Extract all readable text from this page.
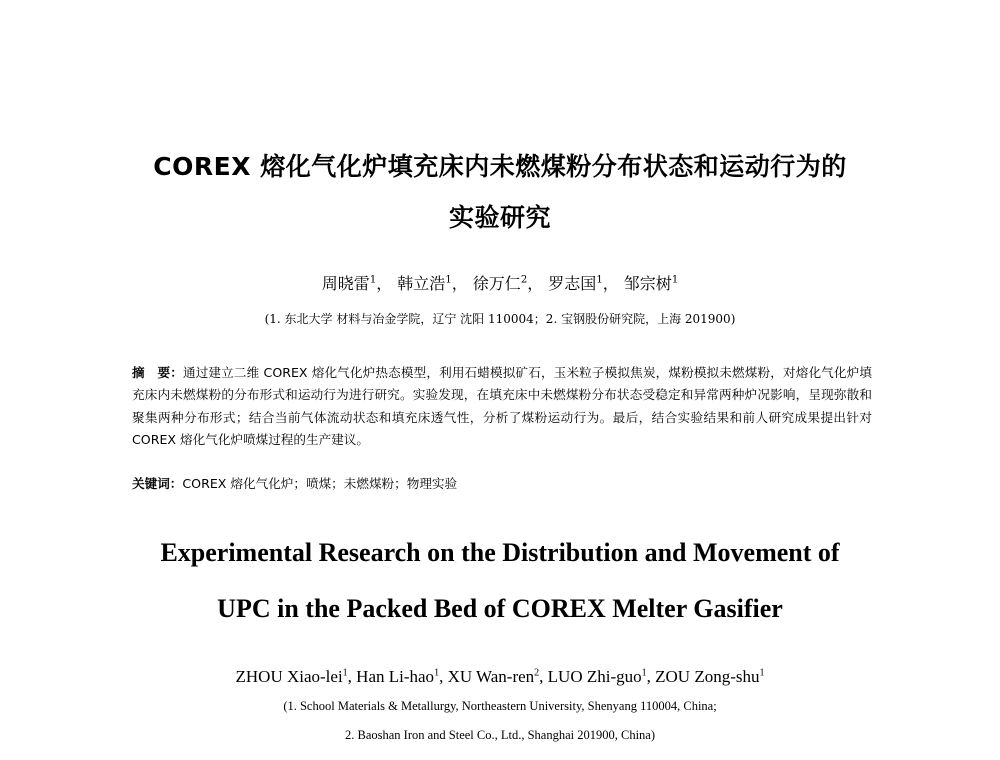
COREX 熔化气化炉填充床内未燃煤粉分布状态和运动行为的
实验研究
周晓雷$^1$， 韩立浩$^1$， 徐万仁$^2$， 罗志国$^1$， 邹宗树$^1$
(1. 东北大学 材料与冶金学院，辽宁 沈阳 110004；2. 宝钢股份研究院，上海 201900)
摘　要：通过建立二维 COREX 熔化气化炉热态模型，利用石蜡模拟矿石，玉米粒子模拟焦炭，煤粉模拟未燃煤粉，对熔化气化炉填充床内未燃煤粉的分布形式和运动行为进行研究。实验发现，在填充床中未燃煤粉分布状态受稳定和异常两种炉况影响，呈现弥散和聚集两种分布形式；结合当前气体流动状态和填充床透气性，分析了煤粉运动行为。最后，结合实验结果和前人研究成果提出针对 COREX 熔化气化炉喷煤过程的生产建议。
关键词：COREX 熔化气化炉；喷煤；未燃煤粉；物理实验
Experimental Research on the Distribution and Movement of
UPC in the Packed Bed of COREX Melter Gasifier
ZHOU Xiao-lei$^1$, Han Li-hao$^1$, XU Wan-ren$^2$, LUO Zhi-guo$^1$, ZOU Zong-shu$^1$
(1. School Materials & Metallurgy, Northeastern University, Shenyang 110004, China;
2. Baoshan Iron and Steel Co., Ltd., Shanghai 201900, China)
